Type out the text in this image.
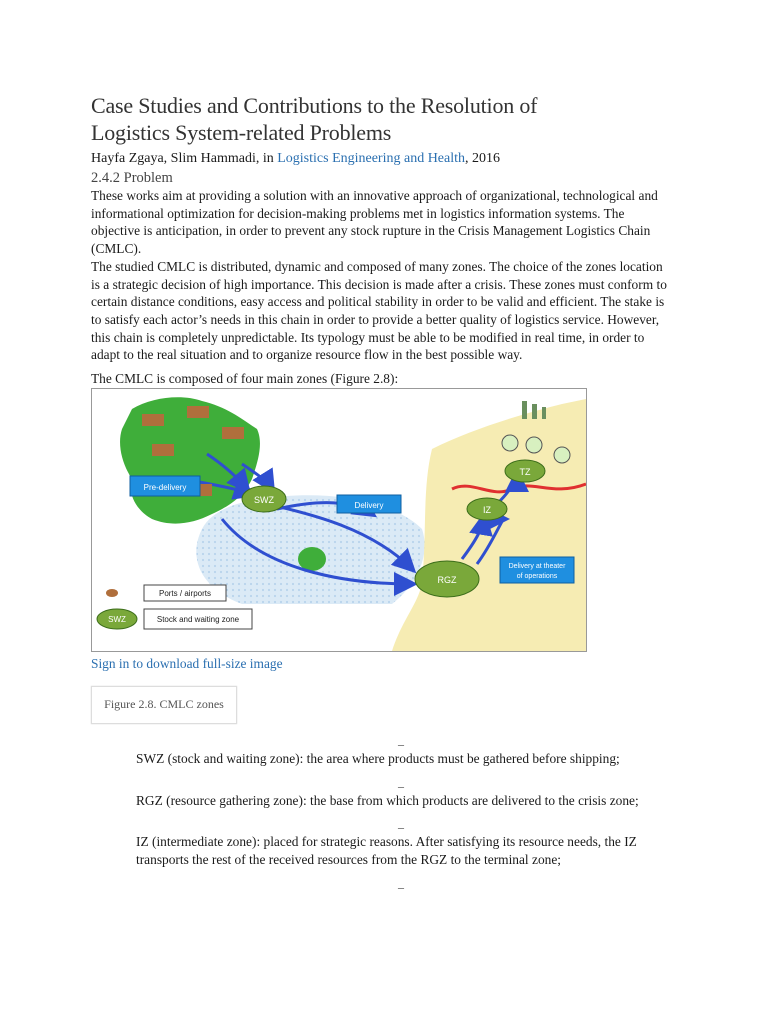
Case Studies and Contributions to the Resolution of
Logistics System-related Problems
Hayfa Zgaya, Slim Hammadi, in Logistics Engineering and Health, 2016
2.4.2 Problem

These works aim at providing a solution with an innovative approach of organizational, technological and informational optimization for decision-making problems met in logistics information systems. The objective is anticipation, in order to prevent any stock rupture in the Crisis Management Logistics Chain (CMLC).

The studied CMLC is distributed, dynamic and composed of many zones. The choice of the zones location is a strategic decision of high importance. This decision is made after a crisis. These zones must conform to certain distance conditions, easy access and political stability in order to be valid and efficient. The stake is to satisfy each actor’s needs in this chain in order to provide a better quality of logistics service. However, this chain is completely unpredictable. Its typology must be able to be modified in real time, in order to adapt to the real situation and to organize resource flow in the best possible way.

The CMLC is composed of four main zones (Figure 2.8):
SWZ
RGZ
IZ
TZ
Pre-delivery
Delivery
Delivery at theater
of operations
Ports / airports
SWZ	Stock and waiting zone
Sign in to download full-size image
Figure 2.8. CMLC zones
–

SWZ (stock and waiting zone): the area where products must be gathered before shipping;

–

RGZ (resource gathering zone): the base from which products are delivered to the crisis zone;

–

IZ (intermediate zone): placed for strategic reasons. After satisfying its resource needs, the IZ transports the rest of the received resources from the RGZ to the terminal zone;

–
